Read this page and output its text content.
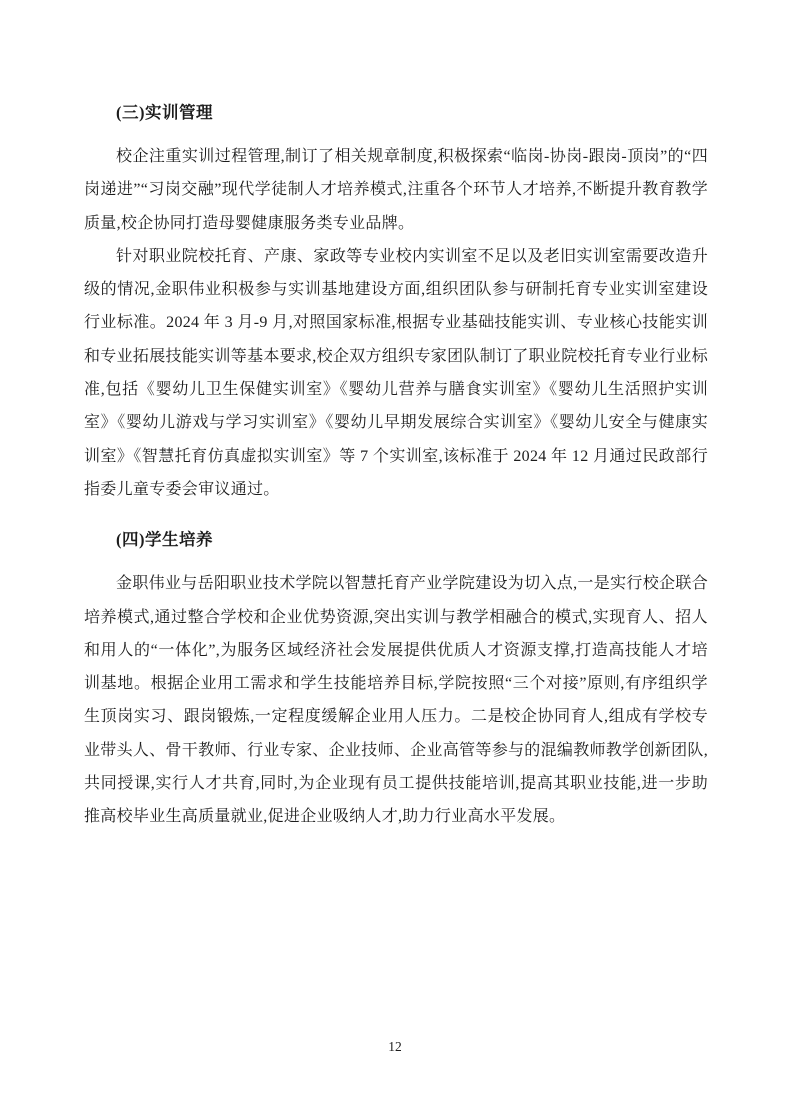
(三)实训管理

校企注重实训过程管理,制订了相关规章制度,积极探索“临岗-协岗-跟岗-顶岗”的“四岗递进”“习岗交融”现代学徒制人才培养模式,注重各个环节人才培养,不断提升教育教学质量,校企协同打造母婴健康服务类专业品牌。

针对职业院校托育、产康、家政等专业校内实训室不足以及老旧实训室需要改造升级的情况,金职伟业积极参与实训基地建设方面,组织团队参与研制托育专业实训室建设行业标准。2024 年 3 月-9 月,对照国家标准,根据专业基础技能实训、专业核心技能实训和专业拓展技能实训等基本要求,校企双方组织专家团队制订了职业院校托育专业行业标准,包括《婴幼儿卫生保健实训室》《婴幼儿营养与膳食实训室》《婴幼儿生活照护实训室》《婴幼儿游戏与学习实训室》《婴幼儿早期发展综合实训室》《婴幼儿安全与健康实训室》《智慧托育仿真虚拟实训室》等 7 个实训室,该标准于 2024 年 12 月通过民政部行指委儿童专委会审议通过。

(四)学生培养

金职伟业与岳阳职业技术学院以智慧托育产业学院建设为切入点,一是实行校企联合培养模式,通过整合学校和企业优势资源,突出实训与教学相融合的模式,实现育人、招人和用人的“一体化”,为服务区域经济社会发展提供优质人才资源支撑,打造高技能人才培训基地。根据企业用工需求和学生技能培养目标,学院按照“三个对接”原则,有序组织学生顶岗实习、跟岗锻炼,一定程度缓解企业用人压力。二是校企协同育人,组成有学校专业带头人、骨干教师、行业专家、企业技师、企业高管等参与的混编教师教学创新团队,共同授课,实行人才共育,同时,为企业现有员工提供技能培训,提高其职业技能,进一步助推高校毕业生高质量就业,促进企业吸纳人才,助力行业高水平发展。

12
